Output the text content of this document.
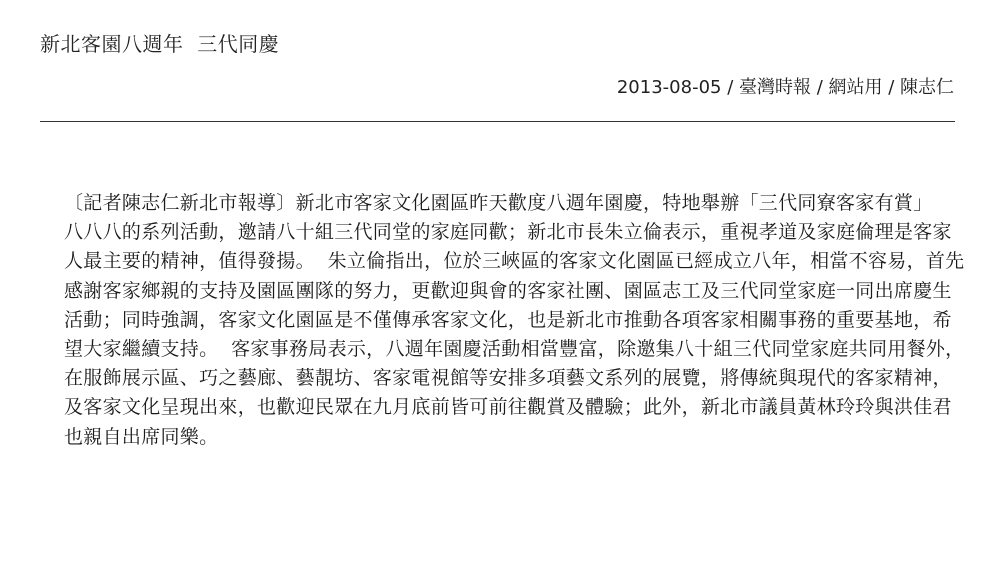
新北客園八週年  三代同慶
2013-08-05 / 臺灣時報 / 網站用 / 陳志仁
〔記者陳志仁新北市報導〕新北市客家文化園區昨天歡度八週年園慶，特地舉辦「三代同寮客家有賞」
八八八的系列活動，邀請八十組三代同堂的家庭同歡；新北市長朱立倫表示，重視孝道及家庭倫理是客家
人最主要的精神，值得發揚。  朱立倫指出，位於三峽區的客家文化園區已經成立八年，相當不容易，首先
感謝客家鄉親的支持及園區團隊的努力，更歡迎與會的客家社團、園區志工及三代同堂家庭一同出席慶生
活動；同時強調，客家文化園區是不僅傳承客家文化，也是新北市推動各項客家相關事務的重要基地，希
望大家繼續支持。  客家事務局表示，八週年園慶活動相當豐富，除邀集八十組三代同堂家庭共同用餐外，
在服飾展示區、巧之藝廊、藝靚坊、客家電視館等安排多項藝文系列的展覽，將傳統與現代的客家精神，
及客家文化呈現出來，也歡迎民眾在九月底前皆可前往觀賞及體驗；此外，新北市議員黃林玲玲與洪佳君
也親自出席同樂。
